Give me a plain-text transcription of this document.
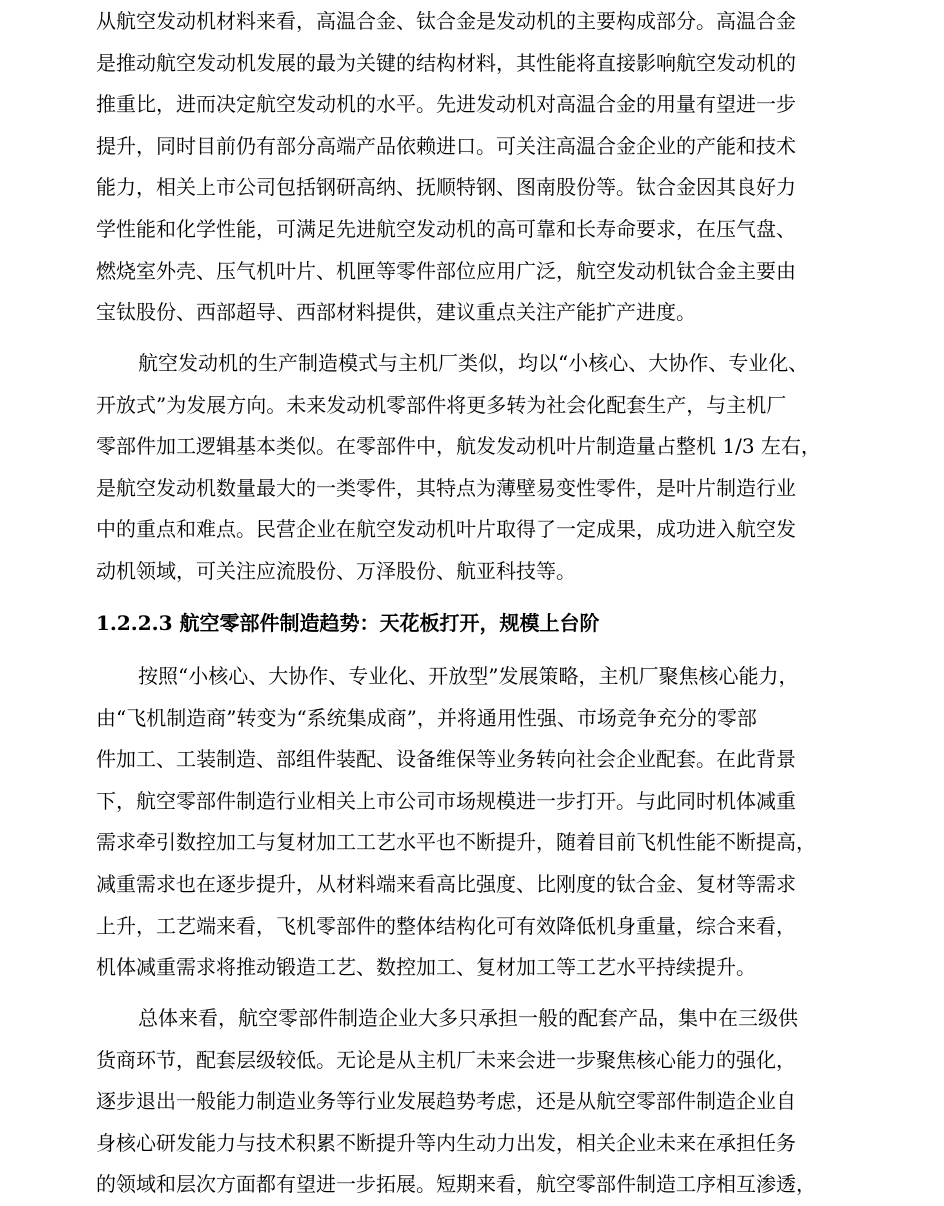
从航空发动机材料来看，高温合金、钛合金是发动机的主要构成部分。高温合金
是推动航空发动机发展的最为关键的结构材料，其性能将直接影响航空发动机的
推重比，进而决定航空发动机的水平。先进发动机对高温合金的用量有望进一步
提升，同时目前仍有部分高端产品依赖进口。可关注高温合金企业的产能和技术
能力，相关上市公司包括钢研高纳、抚顺特钢、图南股份等。钛合金因其良好力
学性能和化学性能，可满足先进航空发动机的高可靠和长寿命要求，在压气盘、
燃烧室外壳、压气机叶片、机匣等零件部位应用广泛，航空发动机钛合金主要由
宝钛股份、西部超导、西部材料提供，建议重点关注产能扩产进度。
航空发动机的生产制造模式与主机厂类似，均以“小核心、大协作、专业化、
开放式”为发展方向。未来发动机零部件将更多转为社会化配套生产，与主机厂
零部件加工逻辑基本类似。在零部件中，航发发动机叶片制造量占整机 1/3 左右，
是航空发动机数量最大的一类零件，其特点为薄壁易变性零件，是叶片制造行业
中的重点和难点。民营企业在航空发动机叶片取得了一定成果，成功进入航空发
动机领域，可关注应流股份、万泽股份、航亚科技等。
1.2.2.3 航空零部件制造趋势：天花板打开，规模上台阶
按照“小核心、大协作、专业化、开放型”发展策略，主机厂聚焦核心能力，
由“飞机制造商”转变为“系统集成商”，并将通用性强、市场竞争充分的零部
件加工、工装制造、部组件装配、设备维保等业务转向社会企业配套。在此背景
下，航空零部件制造行业相关上市公司市场规模进一步打开。与此同时机体减重
需求牵引数控加工与复材加工工艺水平也不断提升，随着目前飞机性能不断提高，
减重需求也在逐步提升，从材料端来看高比强度、比刚度的钛合金、复材等需求
上升，工艺端来看，飞机零部件的整体结构化可有效降低机身重量，综合来看，
机体减重需求将推动锻造工艺、数控加工、复材加工等工艺水平持续提升。
总体来看，航空零部件制造企业大多只承担一般的配套产品，集中在三级供
货商环节，配套层级较低。无论是从主机厂未来会进一步聚焦核心能力的强化，
逐步退出一般能力制造业务等行业发展趋势考虑，还是从航空零部件制造企业自
身核心研发能力与技术积累不断提升等内生动力出发，相关企业未来在承担任务
的领域和层次方面都有望进一步拓展。短期来看，航空零部件制造工序相互渗透，
